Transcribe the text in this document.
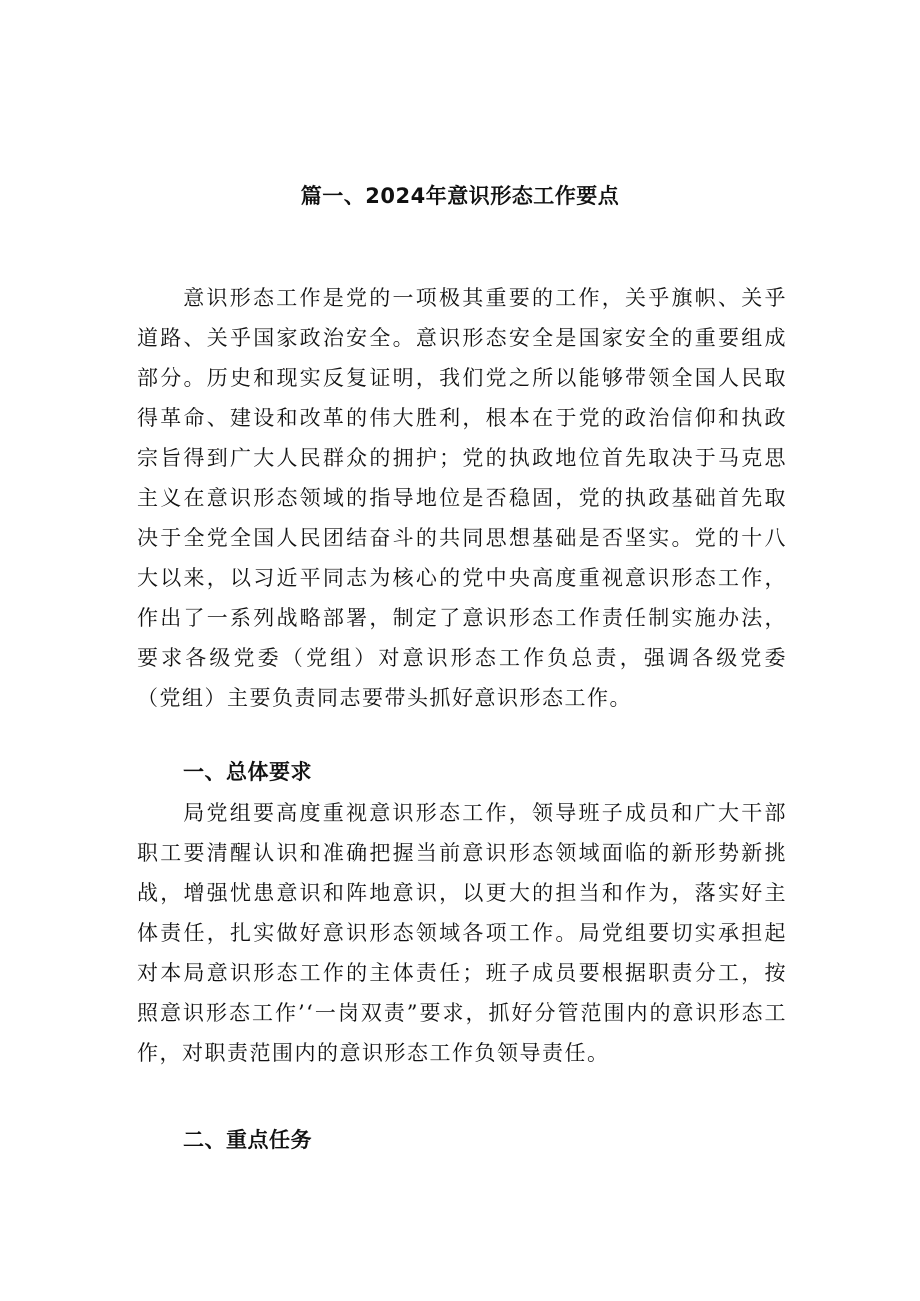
篇一、2024年意识形态工作要点

意识形态工作是党的一项极其重要的工作，关乎旗帜、关乎道路、关乎国家政治安全。意识形态安全是国家安全的重要组成部分。历史和现实反复证明，我们党之所以能够带领全国人民取得革命、建设和改革的伟大胜利，根本在于党的政治信仰和执政宗旨得到广大人民群众的拥护；党的执政地位首先取决于马克思主义在意识形态领域的指导地位是否稳固，党的执政基础首先取决于全党全国人民团结奋斗的共同思想基础是否坚实。党的十八大以来，以习近平同志为核心的党中央高度重视意识形态工作，作出了一系列战略部署，制定了意识形态工作责任制实施办法，要求各级党委（党组）对意识形态工作负总责，强调各级党委（党组）主要负责同志要带头抓好意识形态工作。

一、总体要求

局党组要高度重视意识形态工作，领导班子成员和广大干部职工要清醒认识和准确把握当前意识形态领域面临的新形势新挑战，增强忧患意识和阵地意识，以更大的担当和作为，落实好主体责任，扎实做好意识形态领域各项工作。局党组要切实承担起对本局意识形态工作的主体责任；班子成员要根据职责分工，按照意识形态工作’‘一岗双责”要求，抓好分管范围内的意识形态工作，对职责范围内的意识形态工作负领导责任。

二、重点任务
